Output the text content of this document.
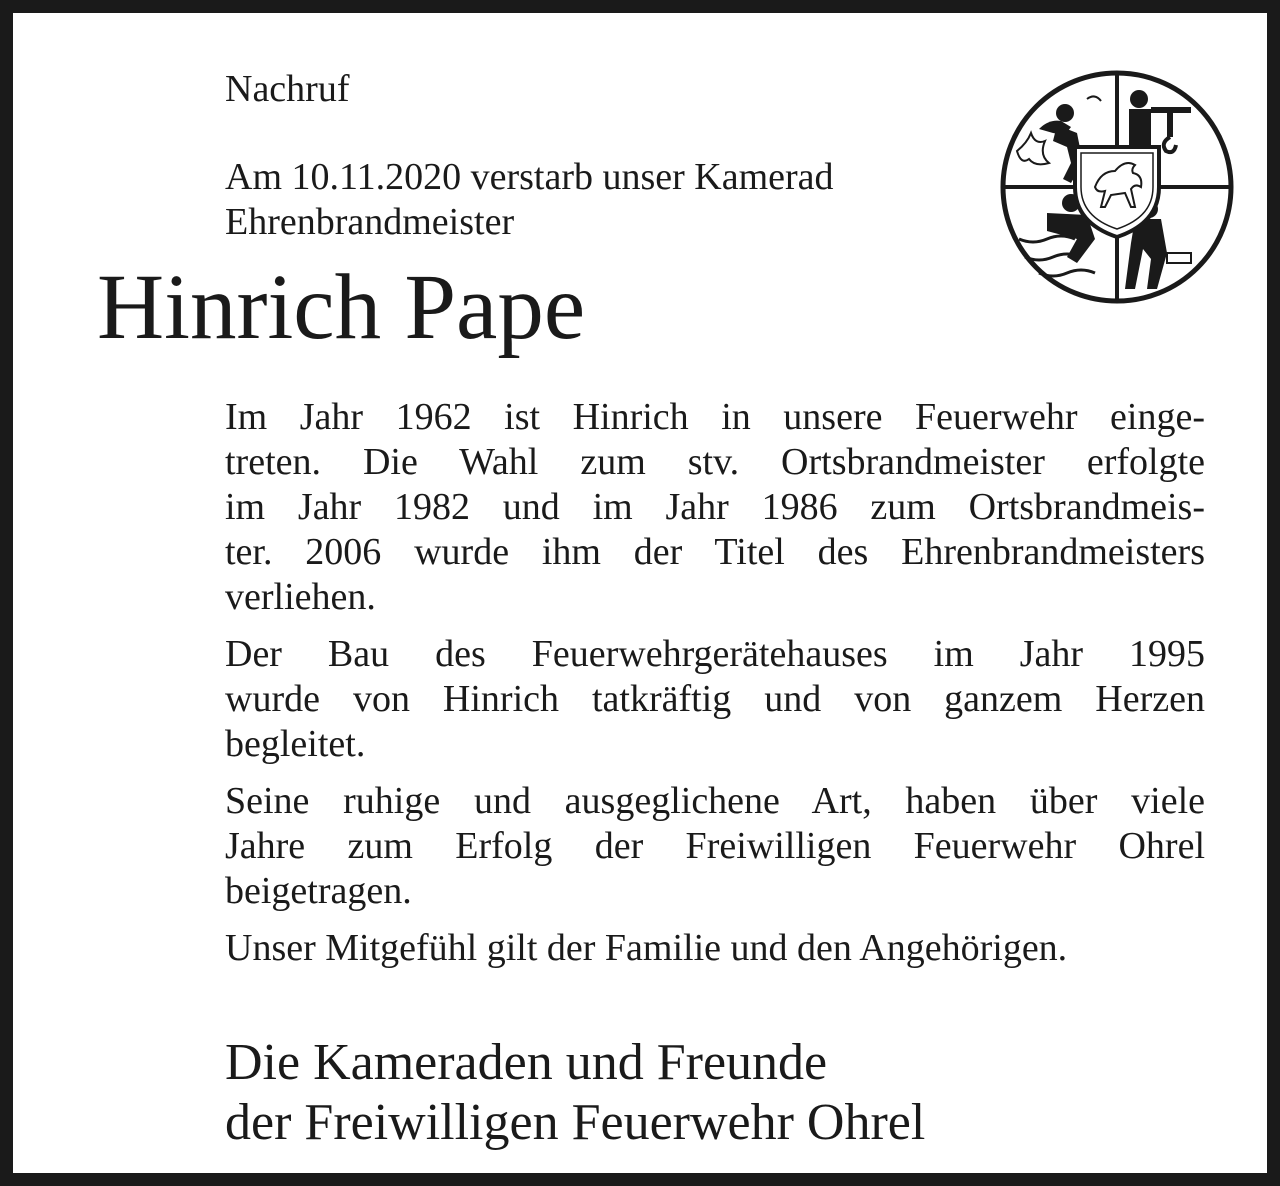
Nachruf
Am 10.11.2020 verstarb unser Kamerad
Ehrenbrandmeister
Hinrich Pape
Im Jahr 1962 ist Hinrich in unsere Feuerwehr einge-
treten. Die Wahl zum stv. Ortsbrandmeister erfolgte
im Jahr 1982 und im Jahr 1986 zum Ortsbrandmeis-
ter. 2006 wurde ihm der Titel des Ehrenbrandmeisters
verliehen.
Der Bau des Feuerwehrgerätehauses im Jahr 1995
wurde von Hinrich tatkräftig und von ganzem Herzen
begleitet.
Seine ruhige und ausgeglichene Art, haben über viele
Jahre zum Erfolg der Freiwilligen Feuerwehr Ohrel
beigetragen.
Unser Mitgefühl gilt der Familie und den Angehörigen.
Die Kameraden und Freunde
der Freiwilligen Feuerwehr Ohrel
